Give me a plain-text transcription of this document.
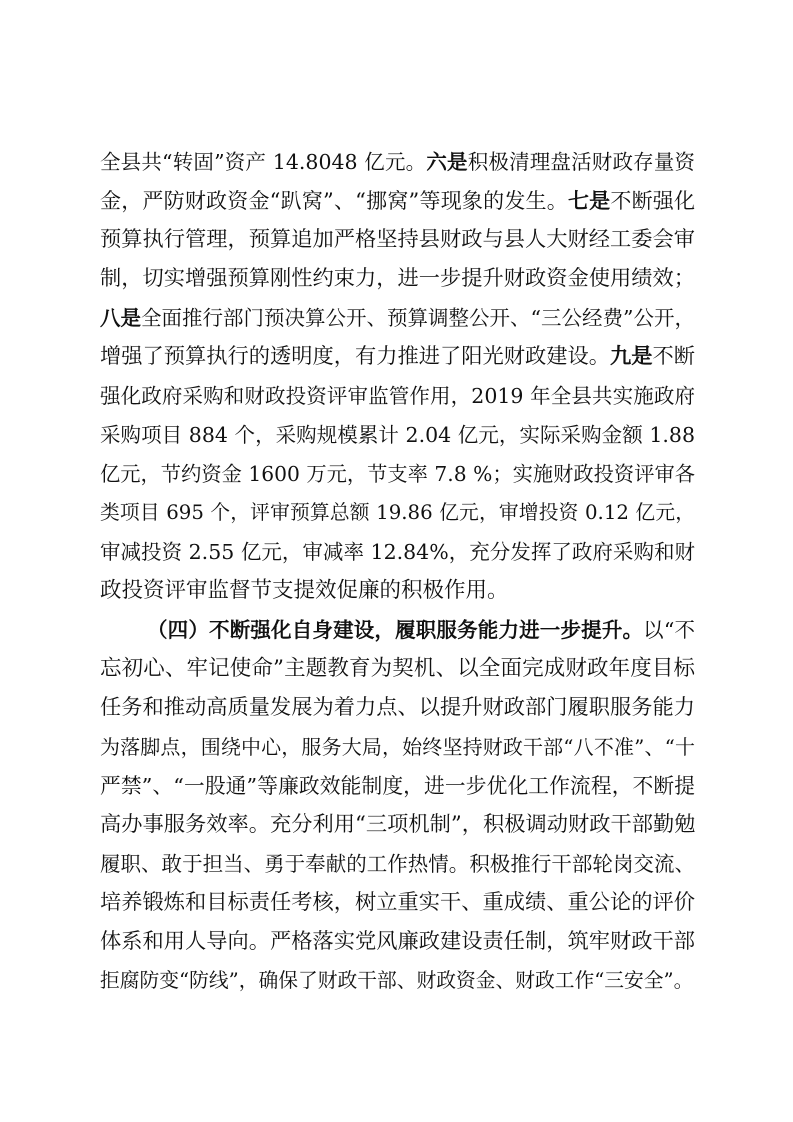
全县共“转固”资产 14.8048 亿元。六是积极清理盘活财政存量资
金，严防财政资金“趴窝”、“挪窝”等现象的发生。七是不断强化
预算执行管理，预算追加严格坚持县财政与县人大财经工委会审
制，切实增强预算刚性约束力，进一步提升财政资金使用绩效；
八是全面推行部门预决算公开、预算调整公开、“三公经费”公开，
增强了预算执行的透明度，有力推进了阳光财政建设。九是不断
强化政府采购和财政投资评审监管作用，2019 年全县共实施政府
采购项目 884 个，采购规模累计 2.04 亿元，实际采购金额 1.88
亿元，节约资金 1600 万元，节支率 7.8 %；实施财政投资评审各
类项目 695 个，评审预算总额 19.86 亿元，审增投资 0.12 亿元，
审减投资 2.55 亿元，审减率 12.84%，充分发挥了政府采购和财
政投资评审监督节支提效促廉的积极作用。
（四）不断强化自身建设，履职服务能力进一步提升。以“不
忘初心、牢记使命”主题教育为契机、以全面完成财政年度目标
任务和推动高质量发展为着力点、以提升财政部门履职服务能力
为落脚点，围绕中心，服务大局，始终坚持财政干部“八不准”、“十
严禁”、“一股通”等廉政效能制度，进一步优化工作流程，不断提
高办事服务效率。充分利用“三项机制”，积极调动财政干部勤勉
履职、敢于担当、勇于奉献的工作热情。积极推行干部轮岗交流、
培养锻炼和目标责任考核，树立重实干、重成绩、重公论的评价
体系和用人导向。严格落实党风廉政建设责任制，筑牢财政干部
拒腐防变“防线”，确保了财政干部、财政资金、财政工作“三安全”。
